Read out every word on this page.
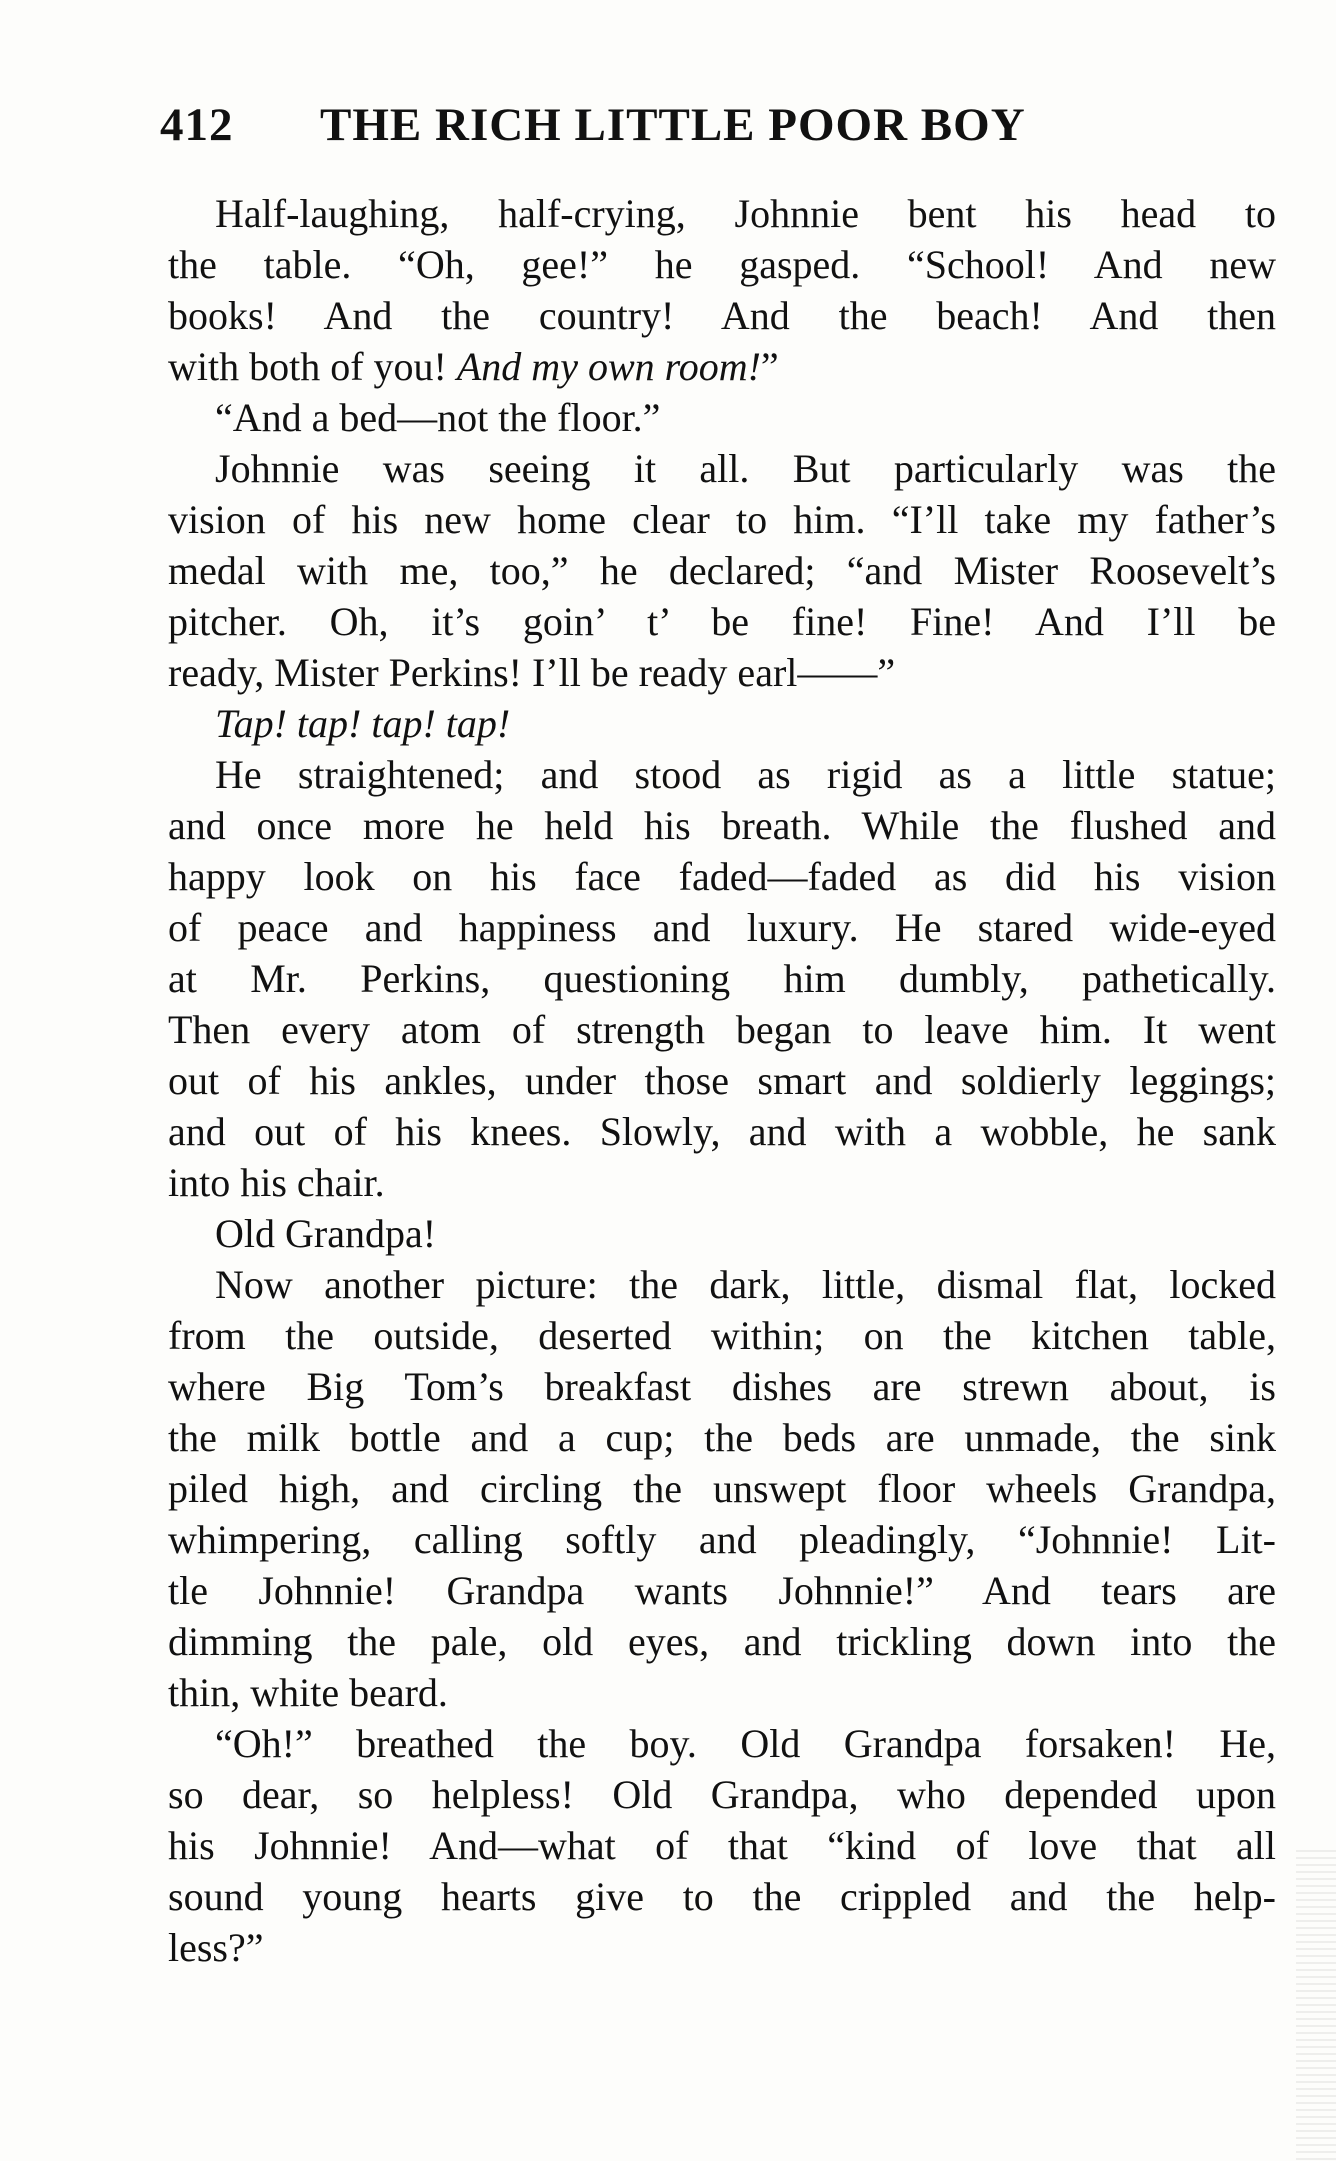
412 THE RICH LITTLE POOR BOY
Half-laughing, half-crying, Johnnie bent his head to
the table. “Oh, gee!” he gasped. “School! And new
books! And the country! And the beach! And then
with both of you! And my own room!”
“And a bed—not the floor.”
Johnnie was seeing it all. But particularly was the
vision of his new home clear to him. “I’ll take my father’s
medal with me, too,” he declared; “and Mister Roosevelt’s
pitcher. Oh, it’s goin’ t’ be fine! Fine! And I’ll be
ready, Mister Perkins! I’ll be ready earl——”
Tap! tap! tap! tap!
He straightened; and stood as rigid as a little statue;
and once more he held his breath. While the flushed and
happy look on his face faded—faded as did his vision
of peace and happiness and luxury. He stared wide-eyed
at Mr. Perkins, questioning him dumbly, pathetically.
Then every atom of strength began to leave him. It went
out of his ankles, under those smart and soldierly leggings;
and out of his knees. Slowly, and with a wobble, he sank
into his chair.
Old Grandpa!
Now another picture: the dark, little, dismal flat, locked
from the outside, deserted within; on the kitchen table,
where Big Tom’s breakfast dishes are strewn about, is
the milk bottle and a cup; the beds are unmade, the sink
piled high, and circling the unswept floor wheels Grandpa,
whimpering, calling softly and pleadingly, “Johnnie! Lit-
tle Johnnie! Grandpa wants Johnnie!” And tears are
dimming the pale, old eyes, and trickling down into the
thin, white beard.
“Oh!” breathed the boy. Old Grandpa forsaken! He,
so dear, so helpless! Old Grandpa, who depended upon
his Johnnie! And—what of that “kind of love that all
sound young hearts give to the crippled and the help-
less?”
